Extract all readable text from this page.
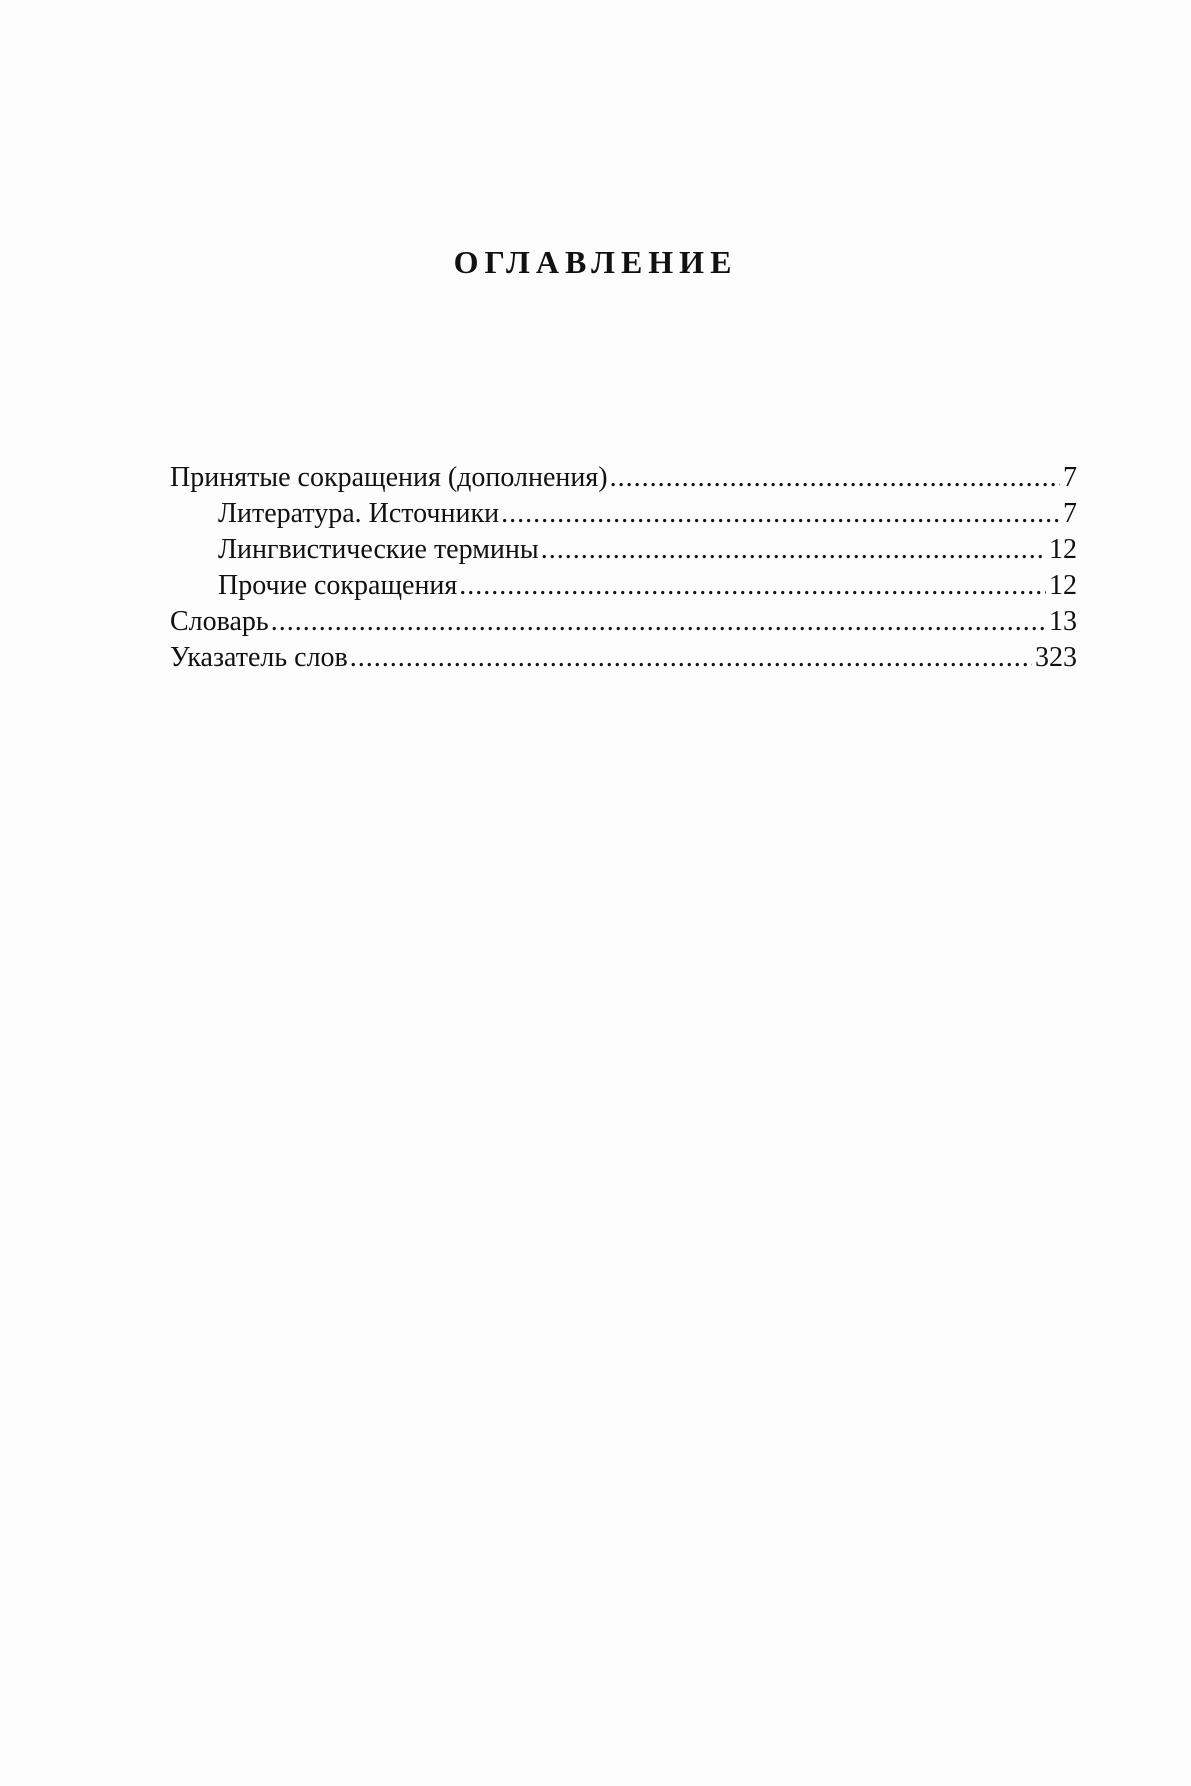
ОГЛАВЛЕНИЕ
Принятые сокращения (дополнения) .....	7
Литература. Источники .....	7
Лингвистические термины .....	12
Прочие сокращения .....	12
Словарь .....	13
Указатель слов .....	323
